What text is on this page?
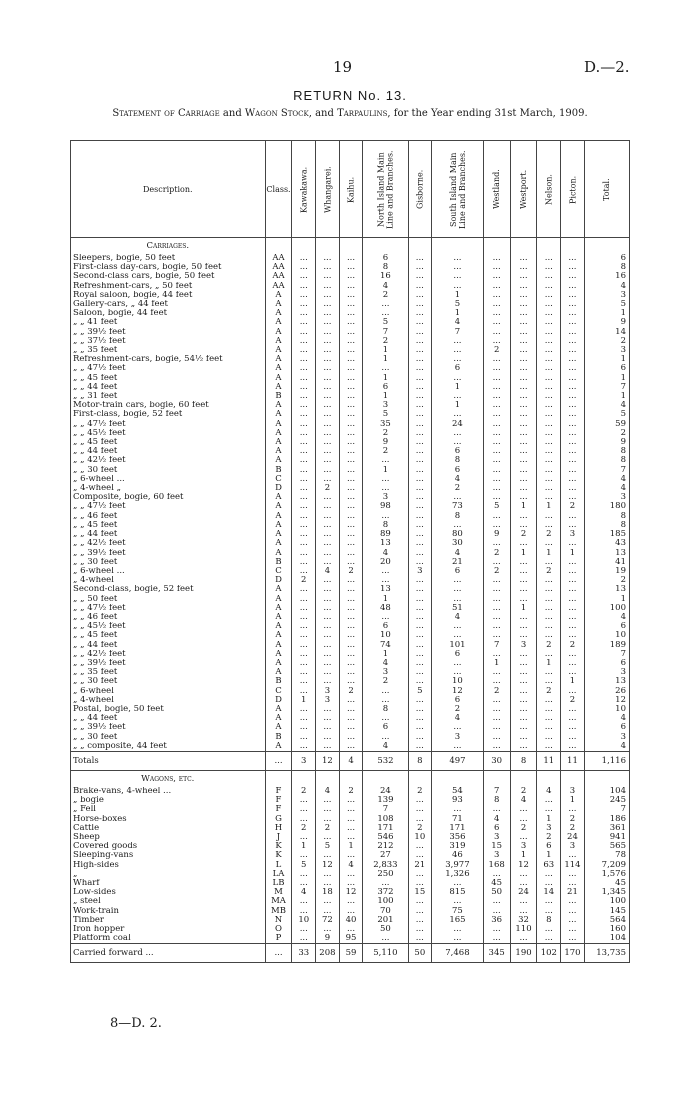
19	D.—2.
RETURN No. 13.
Statement of Carriage and Wagon Stock, and Tarpaulins, for the Year ending 31st March, 1909.
Description.	Class.	Kawakawa.	Whangarei.	Kaihu.	North Island Main Line and Branches.	Gisborne.	South Island Main Line and Branches.	Westland.	Westport.	Nelson.	Picton.	Total.
Carriages.												
Sleepers, bogie, 50 feet	AA	...	...	...	6	...	...	...	...	...	...	6
First-class day-cars, bogie, 50 feet	AA	...	...	...	8	...	...	...	...	...	...	8
Second-class cars, bogie, 50 feet	AA	...	...	...	16	...	...	...	...	...	...	16
Refreshment-cars, „ 50 feet	AA	...	...	...	4	...	...	...	...	...	...	4
Royal saloon, bogie, 44 feet	A	...	...	...	2	...	1	...	...	...	...	3
Gallery-cars, „ 44 feet	A	...	...	...	...	...	5	...	...	...	...	5
Saloon, bogie, 44 feet	A	...	...	...	...	...	1	...	...	...	...	1
„ „ 41 feet	A	...	...	...	5	...	4	...	...	...	...	9
„ „ 39½ feet	A	...	...	...	7	...	7	...	...	...	...	14
„ „ 37½ feet	A	...	...	...	2	...	...	...	...	...	...	2
„ „ 35 feet	A	...	...	...	1	...	...	2	...	...	...	3
Refreshment-cars, bogie, 54½ feet	A	...	...	...	1	...	...	...	...	...	...	1
„ „ 47½ feet	A	...	...	...	...	...	6	...	...	...	...	6
„ „ 45 feet	A	...	...	...	1	...	...	...	...	...	...	1
„ „ 44 feet	A	...	...	...	6	...	1	...	...	...	...	7
„ „ 31 feet	B	...	...	...	1	...	...	...	...	...	...	1
Motor-train cars, bogie, 60 feet	A	...	...	...	3	...	1	...	...	...	...	4
First-class, bogie, 52 feet	A	...	...	...	5	...	...	...	...	...	...	5
„ „ 47½ feet	A	...	...	...	35	...	24	...	...	...	...	59
„ „ 45½ feet	A	...	...	...	2	...	...	...	...	...	...	2
„ „ 45 feet	A	...	...	...	9	...	...	...	...	...	...	9
„ „ 44 feet	A	...	...	...	2	...	6	...	...	...	...	8
„ „ 42½ feet	A	...	...	...	...	...	8	...	...	...	...	8
„ „ 30 feet	B	...	...	...	1	...	6	...	...	...	...	7
„ 6-wheel ...	C	...	...	...	...	...	4	...	...	...	...	4
„ 4-wheel „	D	...	2	...	...	...	2	...	...	...	...	4
Composite, bogie, 60 feet	A	...	...	...	3	...	...	...	...	...	...	3
„ „ 47½ feet	A	...	...	...	98	...	73	5	1	1	2	180
„ „ 46 feet	A	...	...	...	...	...	8	...	...	...	...	8
„ „ 45 feet	A	...	...	...	8	...	...	...	...	...	...	8
„ „ 44 feet	A	...	...	...	89	...	80	9	2	2	3	185
„ „ 42½ feet	A	...	...	...	13	...	30	...	...	...	...	43
„ „ 39½ feet	A	...	...	...	4	...	4	2	1	1	1	13
„ „ 30 feet	B	...	...	...	20	...	21	...	...	...	...	41
„ 6-wheel ...	C	...	4	2	...	3	6	2	...	2	...	19
„ 4-wheel	D	2	...	...	...	...	...	...	...	...	...	2
Second-class, bogie, 52 feet	A	...	...	...	13	...	...	...	...	...	...	13
„ „ 50 feet	A	...	...	...	1	...	...	...	...	...	...	1
„ „ 47½ feet	A	...	...	...	48	...	51	...	1	...	...	100
„ „ 46 feet	A	...	...	...	...	...	4	...	...	...	...	4
„ „ 45½ feet	A	...	...	...	6	...	...	...	...	...	...	6
„ „ 45 feet	A	...	...	...	10	...	...	...	...	...	...	10
„ „ 44 feet	A	...	...	...	74	...	101	7	3	2	2	189
„ „ 42½ feet	A	...	...	...	1	...	6	...	...	...	...	7
„ „ 39½ feet	A	...	...	...	4	...	...	1	...	1	...	6
„ „ 35 feet	A	...	...	...	3	...	...	...	...	...	...	3
„ „ 30 feet	B	...	...	...	2	...	10	...	...	...	1	13
„ 6-wheel	C	...	3	2	...	5	12	2	...	2	...	26
„ 4-wheel	D	1	3	...	...	...	6	...	...	...	2	12
Postal, bogie, 50 feet	A	...	...	...	8	...	2	...	...	...	...	10
„ „ 44 feet	A	...	...	...	...	...	4	...	...	...	...	4
„ „ 39½ feet	A	...	...	...	6	...	...	...	...	...	...	6
„ „ 30 feet	B	...	...	...	...	...	3	...	...	...	...	3
„ „ composite, 44 feet	A	...	...	...	4	...	...	...	...	...	...	4
Totals	...	3	12	4	532	8	497	30	8	11	11	1,116
Wagons, etc.												
Brake-vans, 4-wheel ...	F	2	4	2	24	2	54	7	2	4	3	104
„ bogie	F	...	...	...	139	...	93	8	4	...	1	245
„ Fell	F	...	...	...	7	...	...	...	...	...	...	7
Horse-boxes	G	...	...	...	108	...	71	4	...	1	2	186
Cattle	H	2	2	...	171	2	171	6	2	3	2	361
Sheep	J	...	...	...	546	10	356	3	...	2	24	941
Covered goods	K	1	5	1	212	...	319	15	3	6	3	565
Sleeping-vans	K	...	...	...	27	...	46	3	1	1	...	78
High-sides	L	5	12	4	2,833	21	3,977	168	12	63	114	7,209
„	LA	...	...	...	250	...	1,326	...	...	...	...	1,576
Wharf	LB	...	...	...	...	...	...	45	...	...	...	45
Low-sides	M	4	18	12	372	15	815	50	24	14	21	1,345
„ steel	MA	...	...	...	100	...	...	...	...	...	...	100
Work-train	MB	...	...	...	70	...	75	...	...	...	...	145
Timber	N	10	72	40	201	...	165	36	32	8	...	564
Iron hopper	O	...	...	...	50	...	...	...	110	...	...	160
Platform coal	P	...	9	95	...	...	...	...	...	...	...	104
Carried forward ...	...	33	208	59	5,110	50	7,468	345	190	102	170	13,735
8—D. 2.
